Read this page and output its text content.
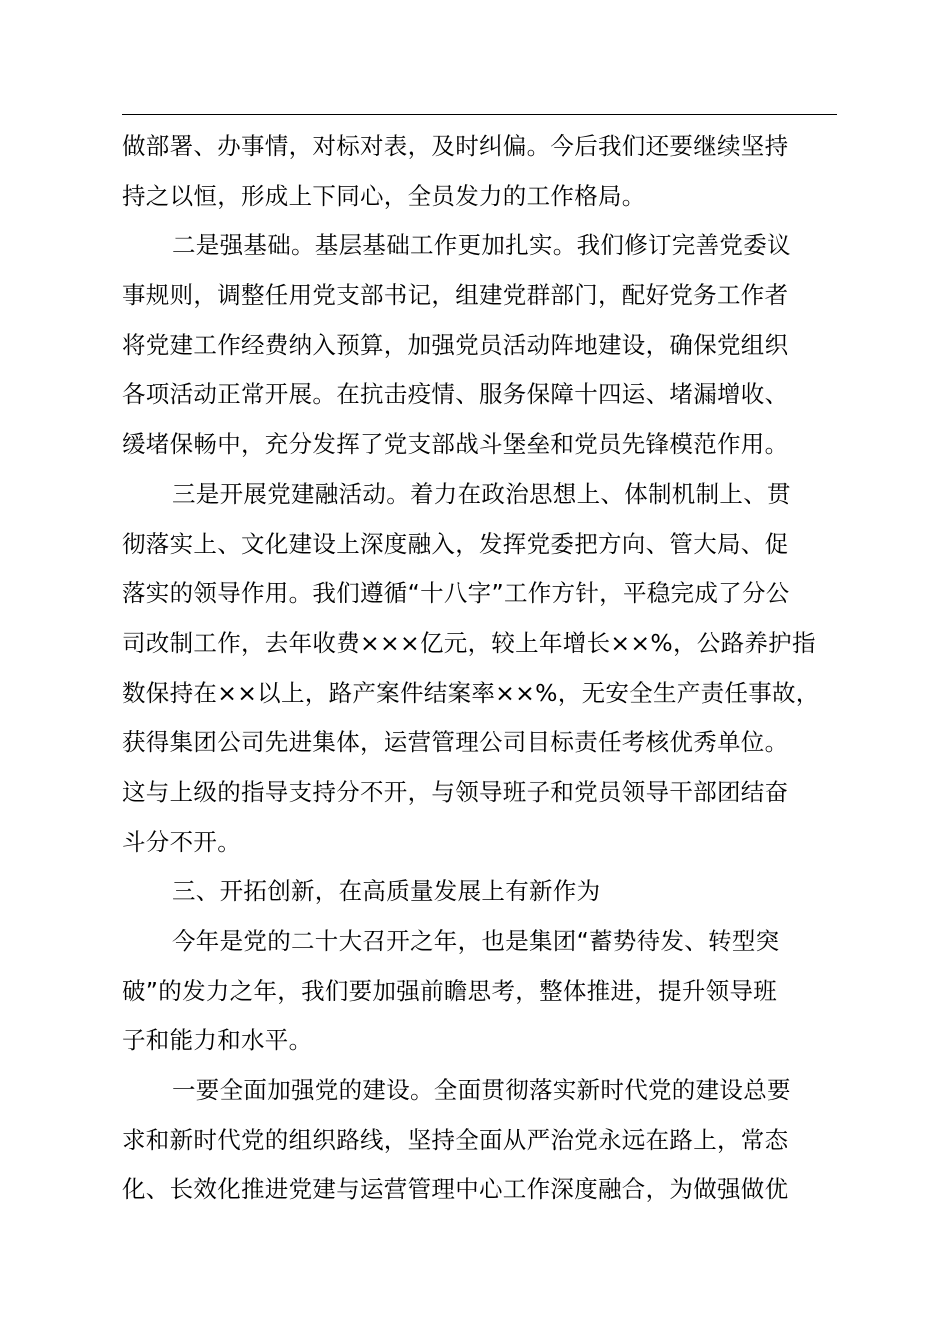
做部署、办事情，对标对表，及时纠偏。今后我们还要继续坚持
持之以恒，形成上下同心，全员发力的工作格局。
二是强基础。基层基础工作更加扎实。我们修订完善党委议
事规则，调整任用党支部书记，组建党群部门，配好党务工作者
将党建工作经费纳入预算，加强党员活动阵地建设，确保党组织
各项活动正常开展。在抗击疫情、服务保障十四运、堵漏增收、
缓堵保畅中，充分发挥了党支部战斗堡垒和党员先锋模范作用。
三是开展党建融活动。着力在政治思想上、体制机制上、贯
彻落实上、文化建设上深度融入，发挥党委把方向、管大局、促
落实的领导作用。我们遵循“十八字”工作方针，平稳完成了分公
司改制工作，去年收费×××亿元，较上年增长××%，公路养护指
数保持在××以上，路产案件结案率××%，无安全生产责任事故，
获得集团公司先进集体，运营管理公司目标责任考核优秀单位。
这与上级的指导支持分不开，与领导班子和党员领导干部团结奋
斗分不开。
三、开拓创新，在高质量发展上有新作为
今年是党的二十大召开之年，也是集团“蓄势待发、转型突
破”的发力之年，我们要加强前瞻思考，整体推进，提升领导班
子和能力和水平。
一要全面加强党的建设。全面贯彻落实新时代党的建设总要
求和新时代党的组织路线，坚持全面从严治党永远在路上，常态
化、长效化推进党建与运营管理中心工作深度融合，为做强做优
